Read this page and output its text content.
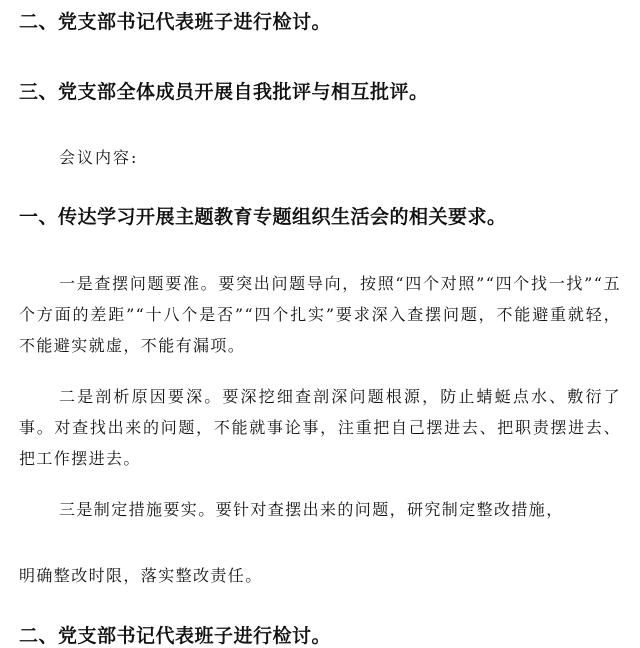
二、党支部书记代表班子进行检讨。
三、党支部全体成员开展自我批评与相互批评。
会议内容:
一、传达学习开展主题教育专题组织生活会的相关要求。
一是查摆问题要准。要突出问题导向，按照“四个对照”“四个找一找”“五个方面的差距”“十八个是否”“四个扎实”要求深入查摆问题，不能避重就轻，不能避实就虚，不能有漏项。
二是剖析原因要深。要深挖细查剖深问题根源，防止蜻蜓点水、敷衍了事。对查找出来的问题，不能就事论事，注重把自己摆进去、把职责摆进去、把工作摆进去。
三是制定措施要实。要针对查摆出来的问题，研究制定整改措施，
明确整改时限，落实整改责任。
二、党支部书记代表班子进行检讨。
